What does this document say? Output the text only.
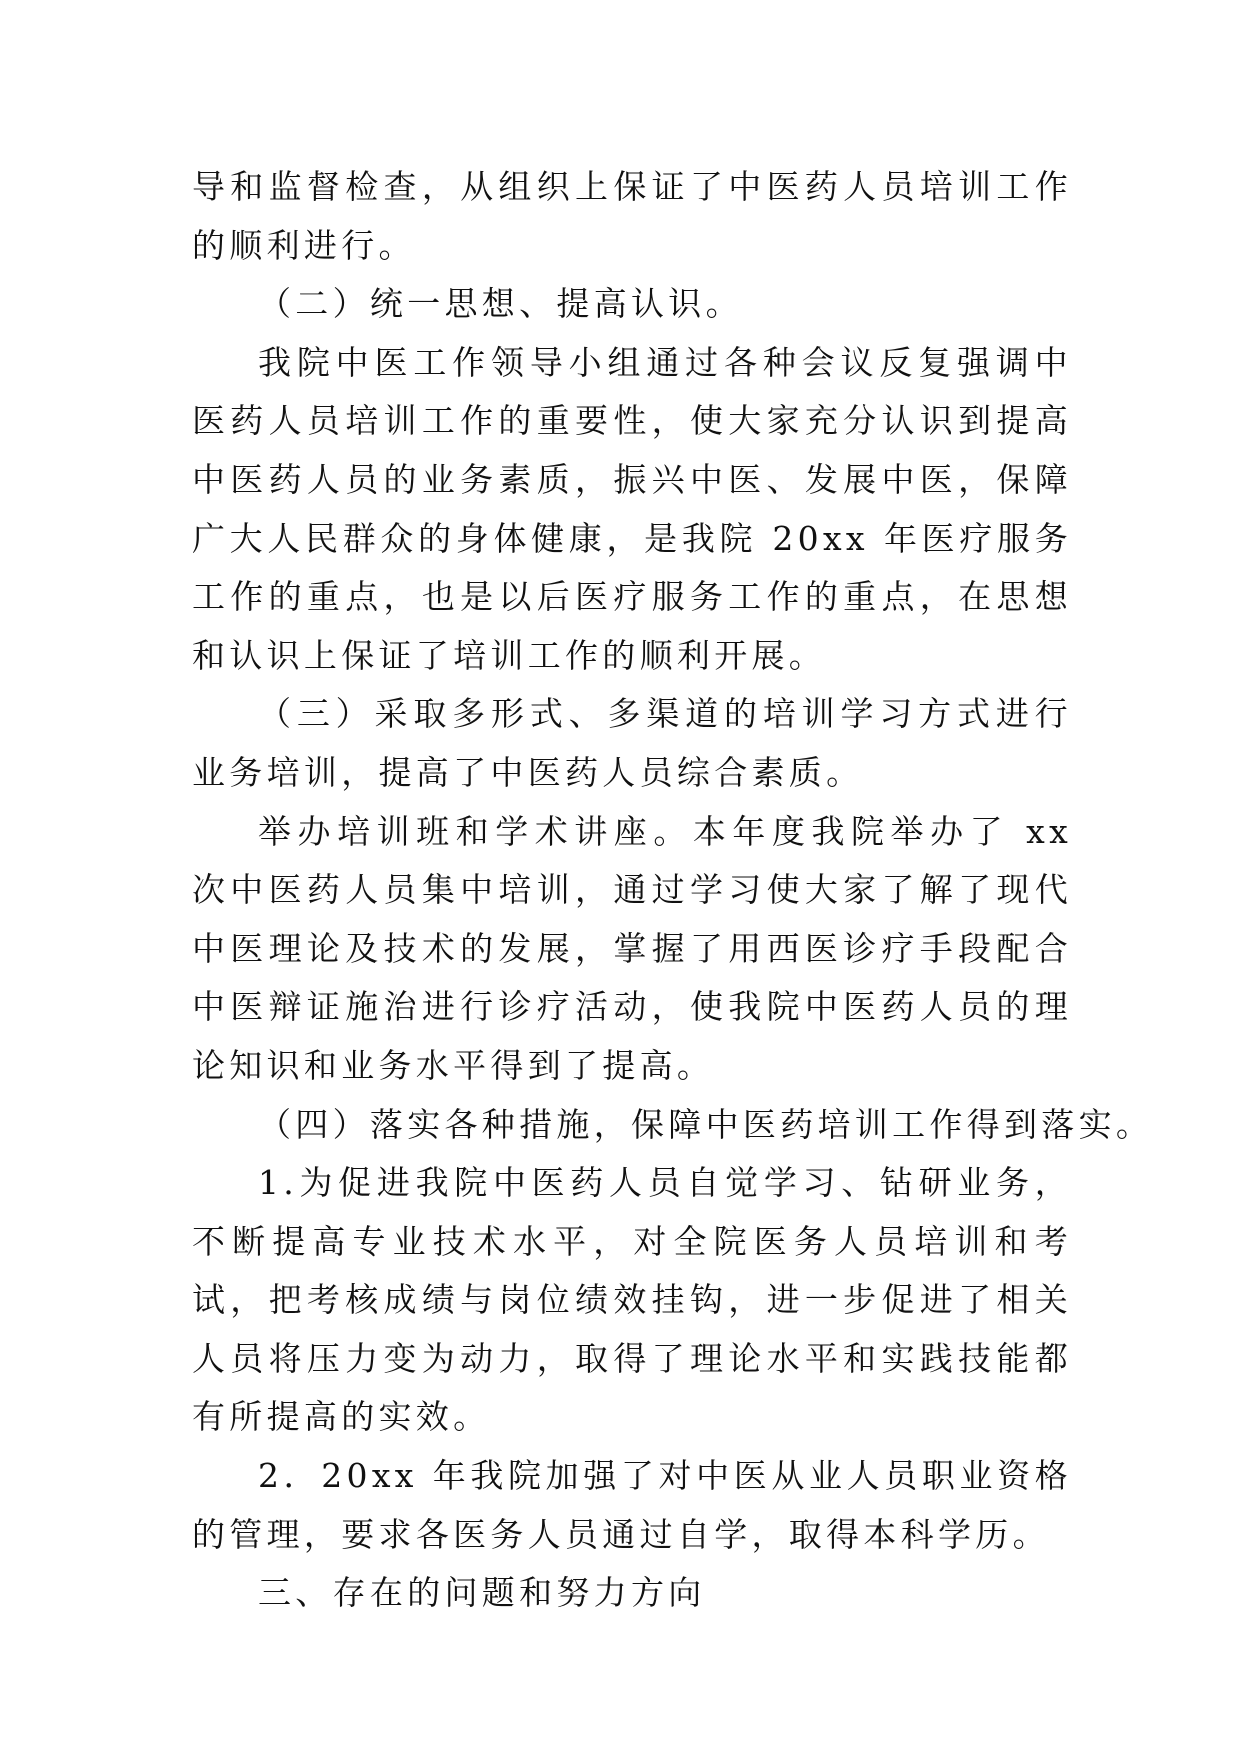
导和监督检查，从组织上保证了中医药人员培训工作的顺利进行。

（二）统一思想、提高认识。

我院中医工作领导小组通过各种会议反复强调中医药人员培训工作的重要性，使大家充分认识到提高中医药人员的业务素质，振兴中医、发展中医，保障广大人民群众的身体健康，是我院 20xx 年医疗服务工作的重点，也是以后医疗服务工作的重点，在思想和认识上保证了培训工作的顺利开展。

（三）采取多形式、多渠道的培训学习方式进行业务培训，提高了中医药人员综合素质。

举办培训班和学术讲座。本年度我院举办了 xx 次中医药人员集中培训，通过学习使大家了解了现代中医理论及技术的发展，掌握了用西医诊疗手段配合中医辩证施治进行诊疗活动，使我院中医药人员的理论知识和业务水平得到了提高。

（四）落实各种措施，保障中医药培训工作得到落实。

1.为促进我院中医药人员自觉学习、钻研业务，不断提高专业技术水平，对全院医务人员培训和考试，把考核成绩与岗位绩效挂钩，进一步促进了相关人员将压力变为动力，取得了理论水平和实践技能都有所提高的实效。

2．20xx 年我院加强了对中医从业人员职业资格的管理，要求各医务人员通过自学，取得本科学历。

三、存在的问题和努力方向
